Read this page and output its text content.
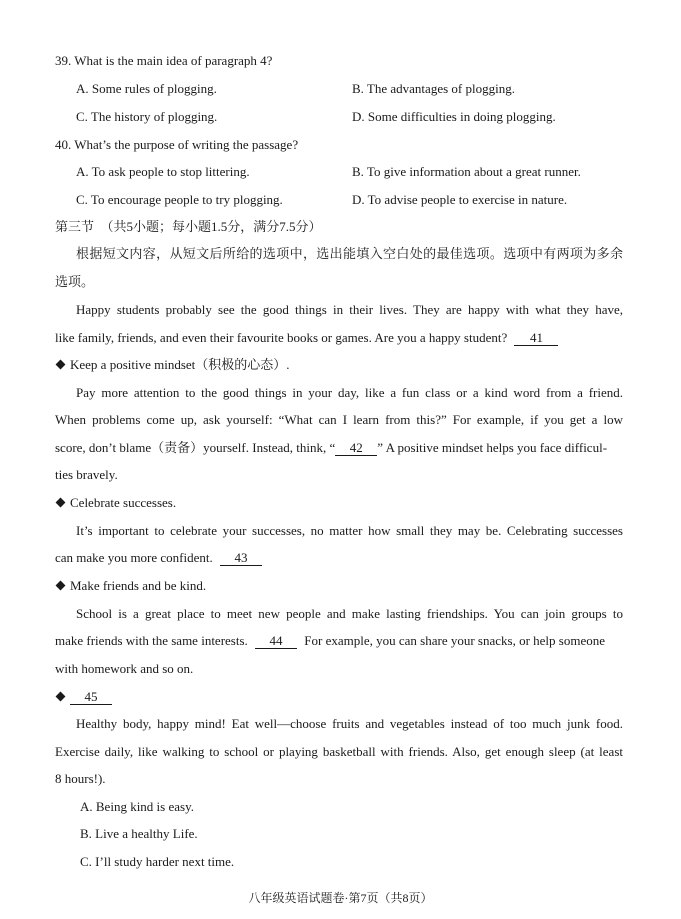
39. What is the main idea of paragraph 4?
A. Some rules of plogging.	B. The advantages of plogging.
C. The history of plogging.	D. Some difficulties in doing plogging.
40. What’s the purpose of writing the passage?
A. To ask people to stop littering.	B. To give information about a great runner.
C. To encourage people to try plogging.	D. To advise people to exercise in nature.
第三节　（共5小题；每小题1.5分，满分7.5分）
根据短文内容，从短文后所给的选项中，选出能填入空白处的最佳选项。选项中有两项为多余
选项。
Happy students probably see the good things in their lives. They are happy with what they have,
like family, friends, and even their favourite books or games. Are you a happy student? 41
Keep a positive mindset（积极的心态）.
Pay more attention to the good things in your day, like a fun class or a kind word from a friend.
When problems come up, ask yourself: “What can I learn from this?” For example, if you get a low
score, don’t blame（责备）yourself. Instead, think, “ 42 ” A positive mindset helps you face difficul-
ties bravely.
Celebrate successes.
It’s important to celebrate your successes, no matter how small they may be. Celebrating successes
can make you more confident. 43
Make friends and be kind.
School is a great place to meet new people and make lasting friendships. You can join groups to
make friends with the same interests. 44 For example, you can share your snacks, or help someone
with homework and so on.
45
Healthy body, happy mind! Eat well—choose fruits and vegetables instead of too much junk food.
Exercise daily, like walking to school or playing basketball with friends. Also, get enough sleep (at least
8 hours!).
A. Being kind is easy.
B. Live a healthy Life.
C. I’ll study harder next time.
八年级英语试题卷·第7页（共8页）
